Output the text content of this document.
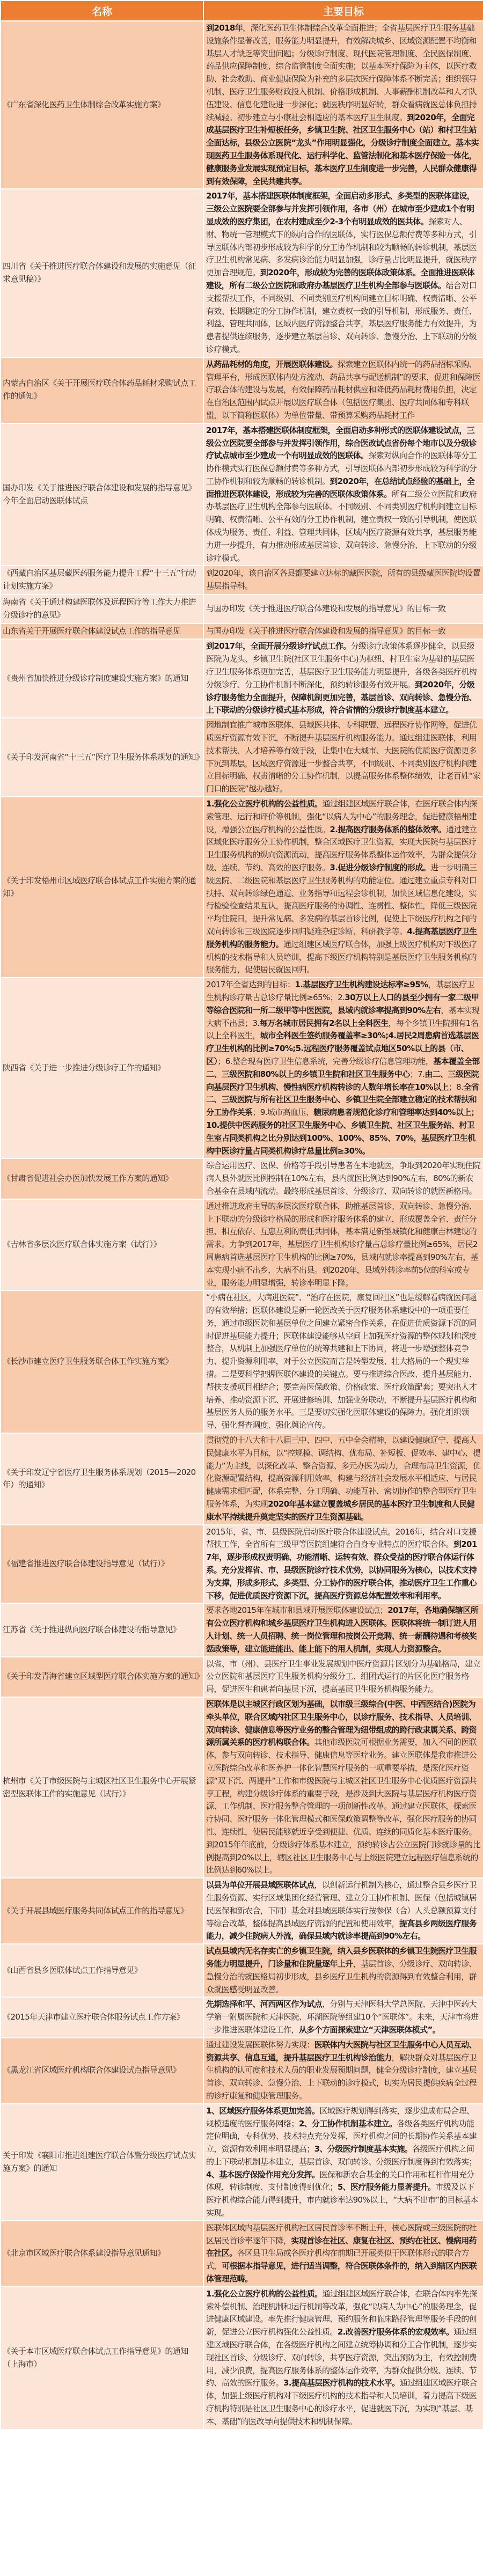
名称	主要目标
《广东省深化医药卫生体制综合改革实施方案》	到2018年，深化医药卫生体制综合改革全面推进；全省基层医疗卫生服务基础设施条件显著改善，服务能力明显提升，有效解决城乡、区域资源配置不均衡和基层人才缺乏等突出问题；分级诊疗制度、现代医院管理制度、全民医保制度、药品供应保障制度、综合监管制度全面实施；以基本医疗保险为主体，以医疗救助、社会救助、商业健康保险为补充的多层次医疗保障体系不断完善；组织领导机制、医疗卫生服务财政投入机制、价格形成机制、人事薪酬机制改革和人才队伍建设、信息化建设进一步深化；就医秩序明显好转，群众看病就医总体负担持续减轻。初步建立与小康社会相适应的基本医疗卫生制度。到2020年，全面完成基层医疗卫生补短板任务，乡镇卫生院、社区卫生服务中心（站）和村卫生站全面达标，县级公立医院“龙头”作用明显强化，分级诊疗制度全面建立。基本实现医药卫生服务体系现代化、运行科学化、监管法制化和基本医疗保险一体化，健康服务业发展实现预定目标，基本医疗卫生制度进一步完善，人民群众健康得到有效保障，全民共建共享。
四川省《关于推进医疗联合体建设和发展的实施意见（征求意见稿）》	2017年，基本搭建医联体制度框架，全面启动多形式、多类型的医联体建设，三级公立医院要全部参与并发挥引领作用，各市（州）在城市至少建成1个有明显成效的医疗集团，在农村建成至少2-3个有明显成效的医共体。探索对人、财、物统一管理模式下的纵向合作的医联体，实行医保总额付费等多种方式，引导医联体内部初步形成较为科学的分工协作机制和较为顺畅的转诊机制，基层医疗卫生机构常见病、多发病诊治能力明显加强，诊疗量占比明显提升，就医秩序更加合理规范。到2020年，形成较为完善的医联体政策体系。全面推进医联体建设，所有二级公立医院和政府办基层医疗卫生机构全部参与医联体。结合对口支援帮扶工作，不同级别、不同类别医疗机构间建立目标明确、权责清晰、公平有效、长期稳定的分工协作机制，建立责权一致的引导机制，形成服务、责任、利益、管理共同体，区域内医疗资源整合共享，基层医疗服务能力有效提升，为患者提供连续服务，逐步建立基层首诊、双向转诊、急慢分治、上下联动的分级诊疗模式。
内蒙古自治区《关于开展医疗联合体药品耗材采购试点工作的通知》	从药品耗材的角度，开展医联体建设。探索建立医联体内统一的药品招标采购、管理平台，形成医联体内处方流动、药品共享与配送机制”的要求，促进和保障医疗联合体的建设与发展，有效保障药品耗材供应和降低药品耗材费用负担，决定在自治区范围内试点开展以医疗联合体（包括医疗集团、医疗共同体和专科联盟，以下简称医联体）为单位带量、带预算采购药品耗材工作
国办印发《关于推进医疗联合体建设和发展的指导意见》今年全面启动医联体试点	2017年，基本搭建医联体制度框架，全面启动多种形式的医联体建设试点，三级公立医院要全部参与并发挥引领作用，综合医改试点省份每个地市以及分级诊疗试点城市至少建成一个有明显成效的医联体。探索对纵向合作的医联体等分工协作模式实行医保总额付费等多种方式，引导医联体内部初步形成较为科学的分工协作机制和较为顺畅的转诊机制。到2020年，在总结试点经验的基础上，全面推进医联体建设，形成较为完善的医联体政策体系。所有二级公立医院和政府办基层医疗卫生机构全部参与医联体。不同级别、不同类别医疗机构间建立目标明确、权责清晰、公平有效的分工协作机制，建立责权一致的引导机制，使医联体成为服务、责任、利益、管理共同体，区域内医疗资源有效共享，基层服务能力进一步提升，有力推动形成基层首诊、双向转诊、急慢分治、上下联动的分级诊疗模式。
《西藏自治区基层藏医药服务能力提升工程“十三五”行动计划实施方案》	到2020年，该自治区各县都要建立达标的藏医医院，所有的县级藏医医院均设置基层指导科。
海南省《关于通过构建医联体及远程医疗等工作大力推进分级诊疗的意见》	与国办印发《关于推进医疗联合体建设和发展的指导意见》的目标一致
山东省关于开展医疗联合体建设试点工作的指导意见	与国办印发《关于推进医疗联合体建设和发展的指导意见》的目标一致
《贵州省加快推进分级诊疗制度建设实施方案》的通知	到2017年，全面开展分级诊疗试点工作。分级诊疗政策体系逐步健全，以县级医院为龙头、乡镇卫生院(社区卫生服务中心)为枢纽、村卫生室为基础的基层医疗卫生服务体系更加完善，基层医疗卫生服务能力明显提升，各级各类医疗机构分级诊疗、分工协作机制不断深化，预约转诊服务有效开展。到2020年，分级诊疗服务能力全面提升，保障机制更加完善，基层首诊、双向转诊、急慢分治、上下联动的分级诊疗模式基本形成，符合省情的分级诊疗制度基本建立。
《关于印发河南省“十三五”医疗卫生服务体系规划的通知》	因地制宜推广城市医联体、县域医共体、专科联盟、远程医疗协作网等，促进优质医疗资源有效下沉，不断提升基层医疗机构服务能力。通过组建医联体，利用技术帮扶、人才培养等有效手段，让集中在大城市、大医院的优质医疗资源更多下沉到基层，区域医疗资源进一步整合共享，不同级别、不同类别医疗机构间建立目标明确、权责清晰的分工协作机制，以提高服务体系整体绩效，让老百姓“家门口的医院”越办越好。
《关于印发梧州市区域医疗联合体试点工作实施方案的通知》	1.强化公立医疗机构的公益性质。通过组建区域医疗联合体，在医疗联合体内探索管理、运行和评价等机制，强化“以病人为中心”的服务理念，促进健康梧州建设，增强公立医疗机构的公益性质。2.提高医疗服务体系的整体效率。通过建立区域化医疗服务分工协作机制，整合区域医疗卫生资源，实现大医院与基层医疗卫生服务机构的纵向资源流动，提高医疗服务体系整体运作效率，为群众提供分级、连续、节约、高效的医疗服务。3.促进分级诊疗制度的形成。进一步明确三级医院、二级医院和基层医疗卫生服务机构的功能定位。通过建立重点专科对口扶持、双向转诊绿色通道、业务指导和远程会诊机制，加快区域信息化建设，实行检验检查结果互认，提高医疗服务的协调性、连贯性、整体性，降低三级医院平均住院日，提升常见病、多发病的基层首诊比例，促使上下级医疗机构之间的双向转诊和三级医院逐步回归疑难杂症诊断、科研教学等。4.提高基层医疗卫生服务机构的服务能力。通过组建区域医疗联合体，加强上级医疗机构对下级医疗机构的技术指导和人员培训，提高下级医疗机构特别是基层医疗卫生服务机构的服务能力，促使居民就医回归。
陕西省《关于进一步推进分级诊疗工作的通知》	2017年全省达到的目标：1.基层医疗卫生机构建设达标率≥95%，基层医疗卫生机构诊疗量占总诊疗量比例≥65%；2.30万以上人口的县至少拥有一家二级甲等综合医院和一所二级甲等中医医院，县域内就诊率提高到90%左右，基本实现大病不出县；3.每万名城市居民拥有2名以上全科医生，每个乡镇卫生院拥有1名以上全科医生，城市全科医生签约服务覆盖率≥30%;4.居民2周患病首选基层医疗卫生机构的比例≥70%;5.远程医疗服务覆盖试点地区50%以上的县（市、区）；6.整合现有医疗卫生信息系统，完善分级诊疗信息管理功能，基本覆盖全部二、三级医院和80%以上的乡镇卫生院和社区卫生服务中心；7.由二、三级医院向基层医疗卫生机构、慢性病医疗机构转诊的人数年增长率在10%以上；8.全省二、三级医院与所有社区卫生服务中心、乡镇卫生院全部建立稳定的技术帮扶和分工协作关系；9.城市高血压、糖尿病患者规范化诊疗和管理率达到40%以上；10.提供中医药服务的社区卫生服务中心、乡镇卫生院、社区卫生服务站、村卫生室占同类机构之比分别达到100%、100%、85%、70%，基层医疗卫生机构中医诊疗量占同类机构诊疗总量比例≥30%。
《甘肃省促进社会办医加快发展工作方案的通知》	综合运用医疗、医保、价格等手段引导患者在本地就医，争取到2020年实现住院病人县外就医比例控制在10%左右，县内就医比例达到90%左右，80%的新农合基金在县域内流动。最终形成基层首诊、分级诊疗、双向转诊的就医新格局。
《吉林省多层次医疗联合体实施方案（试行）》	通过推进政府主导的多层次医疗联合体，助推基层首诊、双向转诊、急慢分治、上下联动的分级诊疗格局的形成和医疗服务体系的建立，形成覆盖全省、责任分担、相互依存、互惠互利的责任共同体，基本满足新型城镇化和健康吉林建设的需求。力争到2017年，基层医疗卫生机构诊疗量占总诊疗量比例≥65%，居民2周患病首选基层医疗卫生机构的比例≥70%，县域内就诊率提高到90%左右，基本实现小病不出乡，大病不出县。到2020年，县域外转诊率前5位的科室或专业，服务能力明显增强，转诊率明显下降。
《长沙市建立医疗卫生服务联合体工作实施方案》	“小病在社区，大病进医院”、“治疗在医院，康复回社区”也是缓解看病就医问题的有效举措；医联体建设是新一轮医改关于医疗服务体系建设中的一项重要任务，通过市级医院和基层单位之间建立紧密合作关系，在促进优质资源下沉的同时促进基层能力提升；医联体建设能够从空间上加强医疗资源的整体规划和深度整合，从机制上加强医疗单位的统筹共建和上下协同，将进一步增强整体竞争力、提升资源利用率，对于公立医院而言是转型发展、壮大格局的一个现实举措。二是要科学把握医联体建设的关键点。要与推进综合医改、提升基层能力、帮扶支援项目相结合；要完善医保政策、价格政策、医疗政策配套；要突出人才培养、推动资源下沉、开展进修培训、加强业务联动，不断提升基层医疗机构和基层医务人员的服务水平。三是要切实强化医联体建设的保障力。强化组织领导、强化督查调度、强化舆论宣传。
《关于印发辽宁省医疗卫生服务体系规划（2015—2020年）的通知》	贯彻党的十八大和十八届三中、四中、五中全会精神，以建设健康辽宁、提高人民健康水平为目标，以“控规模、调结构、优布局、补短板、促效率、建中心、提能力”为主线，以深化改革、整合资源、多元办医为动力，合理布局卫生资源，优化资源配置结构，提高资源利用效率，构建与经济社会发展水平相适应、与居民健康需求相匹配，体系完整、分工明确、功能互补、密切协作的整合型医疗卫生服务体系，为实现2020年基本建立覆盖城乡居民的基本医疗卫生制度和人民健康水平持续提升奠定坚实的医疗卫生资源基础。
《福建省推进医疗联合体建设指导意见（试行）》	2015年，省、市、县级医院启动医疗联合体建设试点。2016年，结合对口支援帮扶工作，全省所有三级甲等医院组建符合自身专业特点的医疗联合体。到2017年，逐步形成权责明确、功能清晰、运转有效、群众受益的医疗联合体运行体系。充分发挥省、市、县级医院诊疗技术优势，以协同服务为核心，以技术支持为支撑，形成多形式、多类型、分工协作的医疗联合体，推动医疗卫生工作重心下移，促进优质医疗资源下沉，提高医疗资源总体配置效率和利用率。
江苏省《关于推进纵向医疗联合体建设的指导意见》	要求各地2015年在城市和县域开展医联体建设试点；2017年，各地确保辖区所有公立医疗机构和城乡基层医疗卫生机构进入医联体。医联体将统一制订进人用人计划、统一人员招聘、统一岗位管理和按岗公开竞聘、统一薪酬待遇和考核奖惩政策等，建立能进能出、能上能下的用人机制，实现人力资源整合。
《关于印发青海省建立区域型医疗联合体实施方案的通知》	以省、市（州）、县医疗卫生事业发展规划中医疗资源片区划分为基础格局，建立公立医院和基层医疗卫生服务机构分级分工、组团式运行的片区化医疗服务格局，促进医生和患者向基层下沉，提高基层卫生服务机构服务能力。
杭州市《关于市级医院与主城区社区卫生服务中心开展紧密型医联体工作的实施意见（试行）》	医联体是以主城区行政区划为基础，以市级三级综合(中医、中西医结合)医院为牵头单位，联合区域内社区卫生服务中心，以诊疗服务、技术指导、人员培训、双向转诊、健康信息等医疗业务的整合管理为纽带组成的跨行政隶属关系、跨资源所属关系的医疗机构联合体。其他市级医院可根据业务需要，加入不同的医联体，参与双向转诊、技术指导、健康信息等医疗业务。建立医联体是我市推进公立医院综合改革和医养护一体化智慧医疗服务的一项重要举措，是深化医疗资源“双下沉、两提升”工作和市级医院与主城区社区卫生服务中心优质医疗资源共享工程，构建分级诊疗体系的重要手段，是涉及到大医院与基层医疗机构医疗资源、工作机制、医疗服务整合管理的一项创新性改革。通过建立医联体，探索医疗协同、医疗服务一体化管理模式和医保政策调整等改革，强化医疗服务的协同性、连续性，使居民能够就近享受到便捷、优质、连续的同质化基本医疗服务。到2015年年底前，分级诊疗体系基本建立，预约转诊占公立医院门诊就诊量的比例提高到20%以上，辖区社区卫生服务中心与上级医院建立远程医疗信息系统的比例达到60%以上。
《关于开展县域医疗服务共同体试点工作的指导意见》	以县为单位开展县域医联体试点，以创新运行机制为核心，通过整合县乡医疗卫生服务资源、实行区域集团化经营管理、建立分工协作机制、医保（包括城镇居民医保和新农合，下同）基金对县域医联体实行按参保（合）人头总额预算支付等综合改革，整体提高县域医疗资源的配置和使用效率，提高县乡两级医疗服务能力，减少住院病人外流，确保县域内就诊率提高到90%左右。
《山西省县乡医联体试点工作指导意见》	试点县域内无名存实亡的乡镇卫生院，纳入县乡医联体的乡镇卫生院医疗卫生服务能力明显提升，门诊量和住院量逐年上升，基层首诊、分级诊疗、双向转诊、急慢分治的就医格局初步形成，县乡医疗卫生机构的资源得到有效整合利用，群众就医感受明显改善。
《2015年天津市建立医疗联合体服务试点工作方案》	先期选择和平、河西两区作为试点，分别与天津医科大学总医院、天津中医药大学第一附属医院和天津医院、环湖医院等组建10个“医联体”。未来，天津市将进一步推进医联体建设工作，从多个方面探索建立“天津医联体模式”。
《黑龙江省区域医疗机构联合体建设试点指导意见》	通过建设发展医联体努力实现：医联体内大医院与社区卫生服务中心人员互动、资源共享、信息互通，提升基层医疗卫生机构诊治能力，解决群众对基层医疗卫生机构的认可度和技术人员的职业发展预期问题，健全分级诊疗制度，建立基层首诊、双向转诊、急慢分治、上下联动的诊疗模式，切实为居民提供疾病全过程的诊疗康复和健康管理服务。
关于印发《襄阳市推进组建医疗联合体暨分级医疗试点实施方案》的通知	1、区域医疗服务体系更加完善。区域医疗规划得到落实，逐步建成布局合理、规模适度的医疗服务网络；2、分工协作机制基本建立。各级各类医疗机构功能定位明确，专科优势、技术特点充分发挥，医疗机构之间的长期协作关系基本建立，资源有效利用率明显提高；3、分级医疗制度基本实施。各级医疗机构之间的上下联动机制基本建立，基层首诊、双向转诊、分级医疗制度得到有效落实；4、基本医疗保险作用充分发挥。医保和新农合基金的关口作用和杠杆作用充分体现，转诊制度、支付制度得到优化；5、医疗服务能力显著提升。市级及以下医疗机构综合能力得到提升，市内就诊率达90%以上，“大病不出市”的目标基本实现。
《北京市区域医疗联合体系建设指导意见通知》	医联体区域内基层医疗机构社区居民首诊率不断上升，核心医院或三级医院的社区居民首诊率逐年下降，实现首诊在社区、康复在社区、预约在社区、慢病用药在社区。各区县卫生局或各医疗机构在前期已开展类似于医联体形式的联合方式，可根据本指导意见，进行适当调整，符合医联体条件的，纳入到辖区内医联体管理范畴。
《关于本市区域医疗联合体试点工作指导意见》的通知（上海市）	1.强化公立医疗机构的公益性质。通过组建区域医疗联合体，在联合体内率先探索补偿机制、治理机制和运行机制等改革，强化“以病人为中心”的服务理念，促进健康区域建设。率先推行健康管理、预约服务和临床路径管理等服务手段的创新，促进公立医疗机构强化公益性质。2.改善医疗服务体系的宏观效率。通过组建区域医疗联合体，在各级医疗机构之间建立统筹协调和分工合作机制，逐步实现社区首诊、分级诊疗、双向转诊，共享医疗资源，突出预防为主，有效控制费用，减少浪费，提高医疗服务体系的整体运作效率，为群众提供分级、连续、节约、高效的医疗服务。3.提高基层医疗机构的技术水平。通过组建区域医疗联合体，加强上级医疗机构对下级医疗机构的技术指导和人员培训，着力提高下级医疗机构特别是社区卫生服务中心的诊疗水平，促进就医下沉，为实现“基层、基本、基础”的医改导向提供技术和机制保障。
